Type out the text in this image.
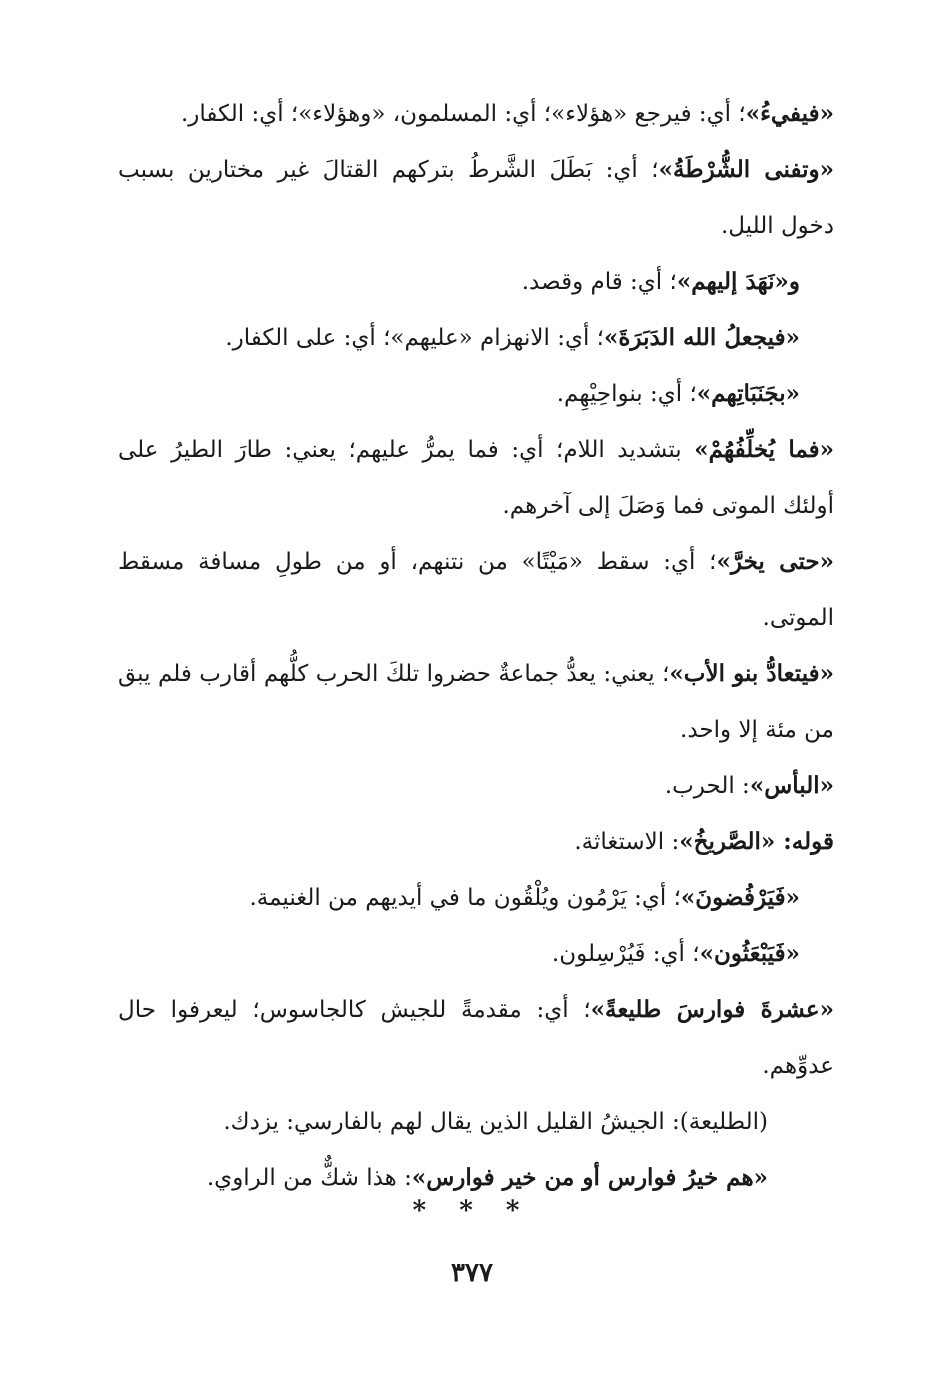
«فيفيءُ»؛ أي: فيرجع «هؤلاء»؛ أي: المسلمون، «وهؤلاء»؛ أي: الكفار.

«وتفنى الشُّرْطَةُ»؛ أي: بَطَلَ الشَّرطُ بتركهم القتالَ غير مختارين بسبب دخول الليل.

و«نَهَدَ إليهم»؛ أي: قام وقصد.

«فيجعلُ الله الدَبَرَةَ»؛ أي: الانهزام «عليهم»؛ أي: على الكفار.

«بجَنَبَاتِهم»؛ أي: بنواحِيْهِم.

«فما يُخلِّفُهُمْ» بتشديد اللام؛ أي: فما يمرُّ عليهم؛ يعني: طارَ الطيرُ على أولئك الموتى فما وَصَلَ إلى آخرهم.

«حتى يخرَّ»؛ أي: سقط «مَيْتًا» من نتنهم، أو من طولِ مسافة مسقط الموتى.

«فيتعادُّ بنو الأب»؛ يعني: يعدُّ جماعةٌ حضروا تلكَ الحرب كلُّهم أقارب فلم يبق من مئة إلا واحد.

«البأس»: الحرب.

قوله: «الصَّريخُ»: الاستغاثة.

«فَيَرْفُضونَ»؛ أي: يَرْمُون ويُلْقُون ما في أيديهم من الغنيمة.

«فَيَبْعَثُون»؛ أي: فَيُرْسِلون.

«عشرةَ فوارسَ طليعةً»؛ أي: مقدمةً للجيش كالجاسوس؛ ليعرفوا حال عدوِّهم.

(الطليعة): الجيشُ القليل الذين يقال لهم بالفارسي: يزدك.

«هم خيرُ فوارس أو من خير فوارس»: هذا شكٌّ من الراوي.

* * *
٣٧٧
